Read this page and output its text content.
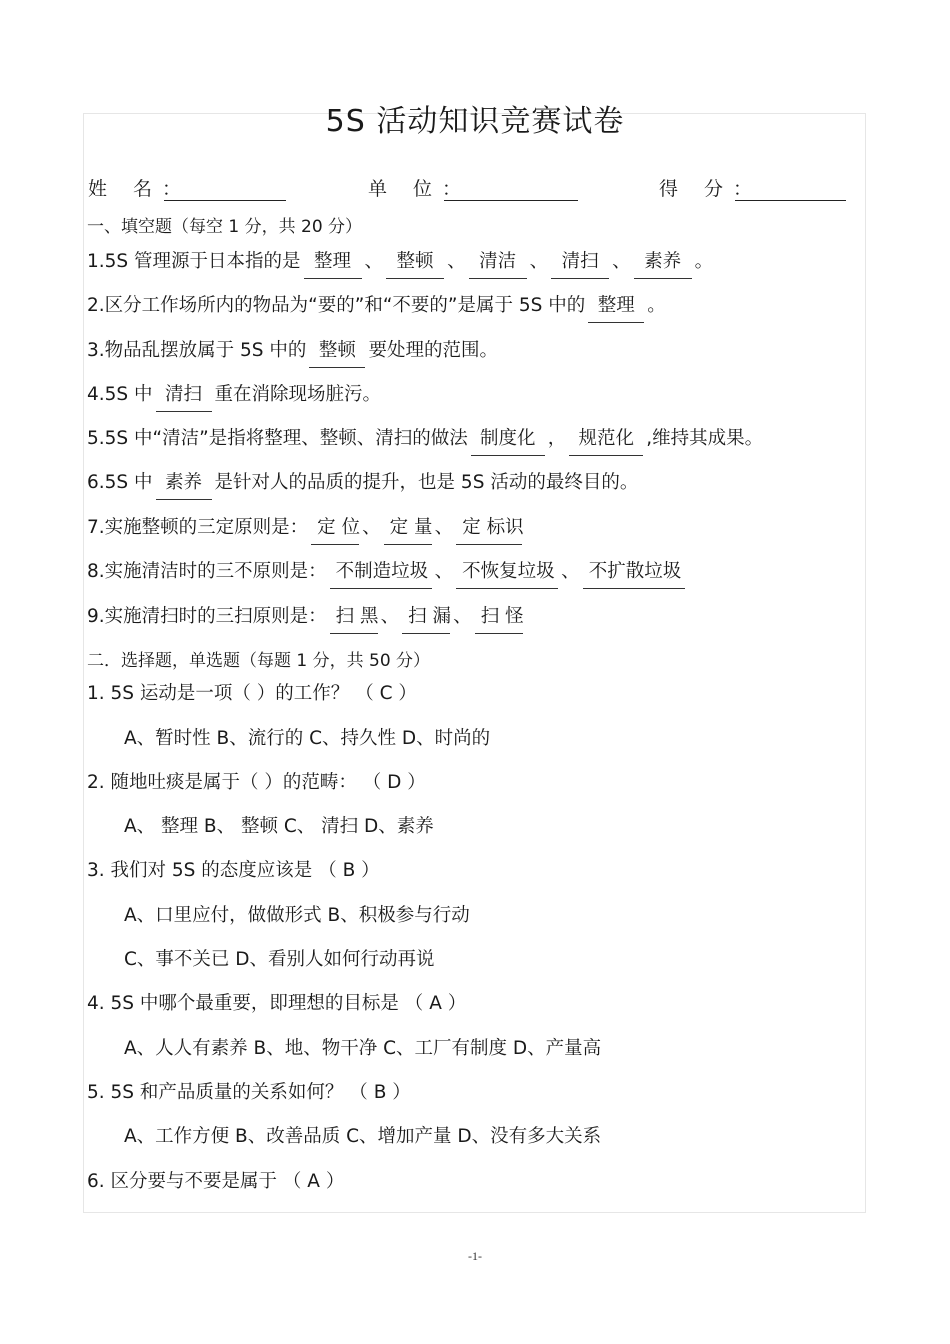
5S 活动知识竞赛试卷
姓 名：	单 位：	得 分：
一、填空题（每空 1 分，共 20 分）
1.5S 管理源于日本指的是 整理 、 整顿 、 清洁 、 清扫 、 素养 。
2.区分工作场所内的物品为“要的”和“不要的”是属于 5S 中的 整理 。
3.物品乱摆放属于 5S 中的 整顿 要处理的范围。
4.5S 中 清扫 重在消除现场脏污。
5.5S 中“清洁”是指将整理、整顿、清扫的做法 制度化 ， 规范化 ,维持其成果。
6.5S 中 素养 是针对人的品质的提升，也是 5S 活动的最终目的。
7.实施整顿的三定原则是： 定 位 、 定 量 、 定 标识
8.实施清洁时的三不原则是： 不制造垃圾 、 不恢复垃圾 、 不扩散垃圾
9.实施清扫时的三扫原则是： 扫 黑 、 扫 漏 、 扫 怪
二．选择题，单选题（每题 1 分，共 50 分）
1. 5S 运动是一项（ ）的工作？ （ C ）
A、暂时性 B、流行的 C、持久性 D、时尚的
2. 随地吐痰是属于（ ）的范畴： （ D ）
A、 整理 B、 整顿 C、 清扫 D、素养
3. 我们对 5S 的态度应该是 （ B ）
A、口里应付，做做形式 B、积极参与行动
C、事不关已 D、看别人如何行动再说
4. 5S 中哪个最重要，即理想的目标是 （ A ）
A、人人有素养 B、地、物干净 C、工厂有制度 D、产量高
5. 5S 和产品质量的关系如何？ （ B ）
A、工作方便 B、改善品质 C、增加产量 D、没有多大关系
6. 区分要与不要是属于 （ A ）
-1-
